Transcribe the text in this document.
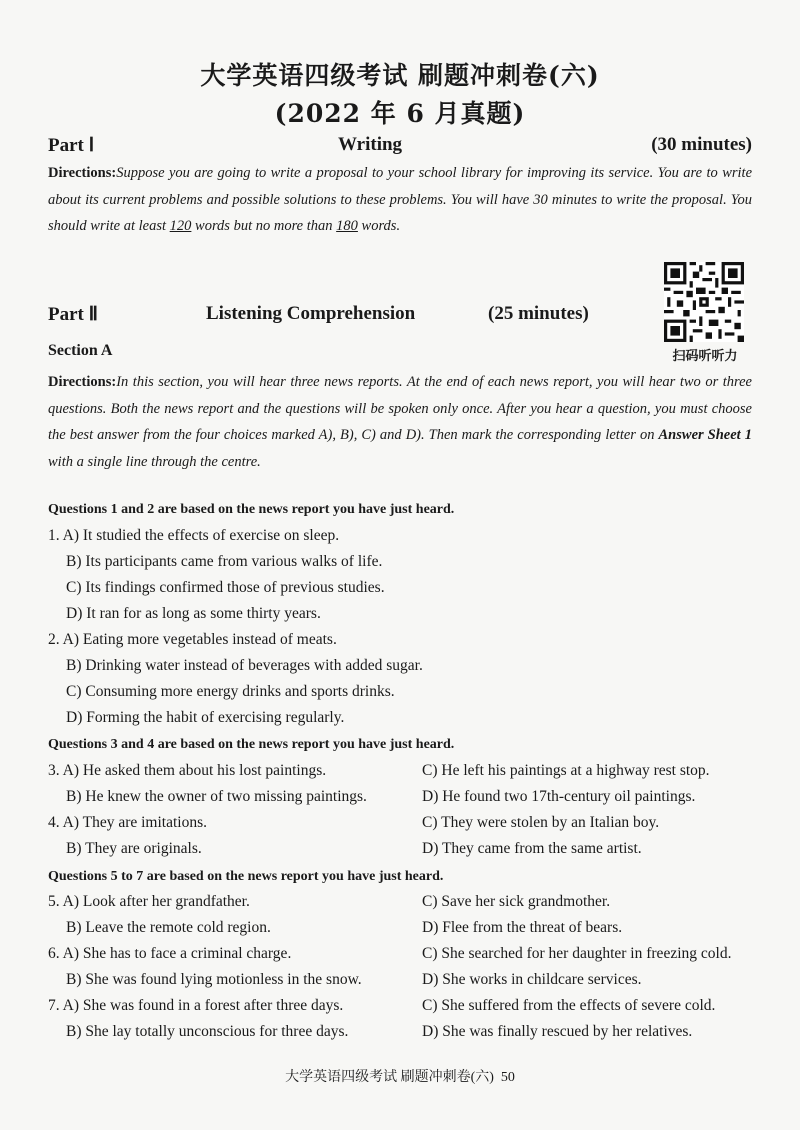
大学英语四级考试 刷题冲刺卷(六)
(2022 年 6 月真题)
Part Ⅰ	Writing	(30 minutes)
Directions:Suppose you are going to write a proposal to your school library for improving its service. You are to write about its current problems and possible solutions to these problems. You will have 30 minutes to write the proposal. You should write at least 120 words but no more than 180 words.
Part Ⅱ	Listening Comprehension	(25 minutes)
扫码听听力
Section A
Directions:In this section, you will hear three news reports. At the end of each news report, you will hear two or three questions. Both the news report and the questions will be spoken only once. After you hear a question, you must choose the best answer from the four choices marked A), B), C) and D). Then mark the corresponding letter on Answer Sheet 1 with a single line through the centre.
Questions 1 and 2 are based on the news report you have just heard.
1. A) It studied the effects of exercise on sleep.
B) Its participants came from various walks of life.
C) Its findings confirmed those of previous studies.
D) It ran for as long as some thirty years.
2. A) Eating more vegetables instead of meats.
B) Drinking water instead of beverages with added sugar.
C) Consuming more energy drinks and sports drinks.
D) Forming the habit of exercising regularly.
Questions 3 and 4 are based on the news report you have just heard.
3. A) He asked them about his lost paintings.	C) He left his paintings at a highway rest stop.
B) He knew the owner of two missing paintings.	D) He found two 17th-century oil paintings.
4. A) They are imitations.	C) They were stolen by an Italian boy.
B) They are originals.	D) They came from the same artist.
Questions 5 to 7 are based on the news report you have just heard.
5. A) Look after her grandfather.	C) Save her sick grandmother.
B) Leave the remote cold region.	D) Flee from the threat of bears.
6. A) She has to face a criminal charge.	C) She searched for her daughter in freezing cold.
B) She was found lying motionless in the snow.	D) She works in childcare services.
7. A) She was found in a forest after three days.	C) She suffered from the effects of severe cold.
B) She lay totally unconscious for three days.	D) She was finally rescued by her relatives.
大学英语四级考试 刷题冲刺卷(六) 50
